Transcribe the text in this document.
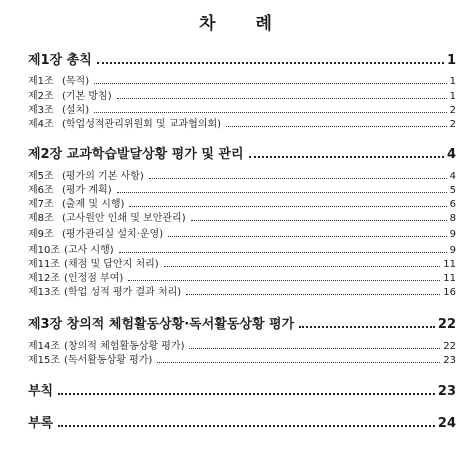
차 례
제1장 총칙	1
제1조 (목적)	1
제2조 (기본 방침)	1
제3조 (설치)	2
제4조 (학업성적관리위원회 및 교과협의회)	2
제2장 교과학습발달상황 평가 및 관리	4
제5조 (평가의 기본 사항)	4
제6조 (평가 계획)	5
제7조 (출제 및 시행)	6
제8조 (고사원안 인쇄 및 보안관리)	8
제9조 (평가관리실 설치·운영)	9
제10조 (고사 시행)	9
제11조 (채점 및 답안지 처리)	11
제12조 (인정점 부여)	11
제13조 (학업 성적 평가 결과 처리)	16
제3장 창의적 체험활동상황·독서활동상황 평가	22
제14조 (창의적 체험활동상황 평가)	22
제15조 (독서활동상황 평가)	23
부칙	23
부록	24
